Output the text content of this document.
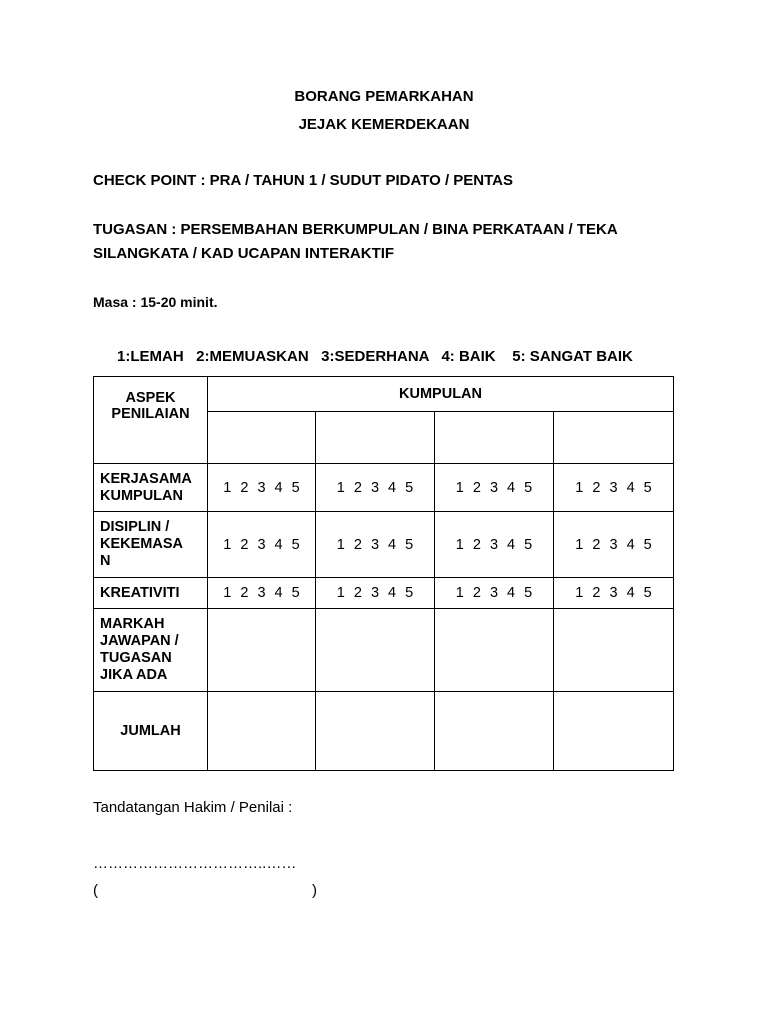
BORANG PEMARKAHAN
JEJAK KEMERDEKAAN
CHECK POINT : PRA / TAHUN 1 / SUDUT PIDATO / PENTAS
TUGASAN : PERSEMBAHAN BERKUMPULAN / BINA PERKATAAN / TEKA
SILANGKATA / KAD UCAPAN INTERAKTIF
Masa : 15-20 minit.
1:LEMAH   2:MEMUASKAN   3:SEDERHANA   4: BAIK    5: SANGAT BAIK
ASPEK
PENILAIAN	KUMPULAN			

KERJASAMA
KUMPULAN	1 2 3 4 5	1 2 3 4 5	1 2 3 4 5	1 2 3 4 5

DISIPLIN /
KEKEMASA
N	1 2 3 4 5	1 2 3 4 5	1 2 3 4 5	1 2 3 4 5
KREATIVITI	1 2 3 4 5	1 2 3 4 5	1 2 3 4 5	1 2 3 4 5

MARKAH
JAWAPAN /
TUGASAN
JIKA ADA				

JUMLAH				
Tandatangan Hakim / Penilai :
……………………………..……
(	)
